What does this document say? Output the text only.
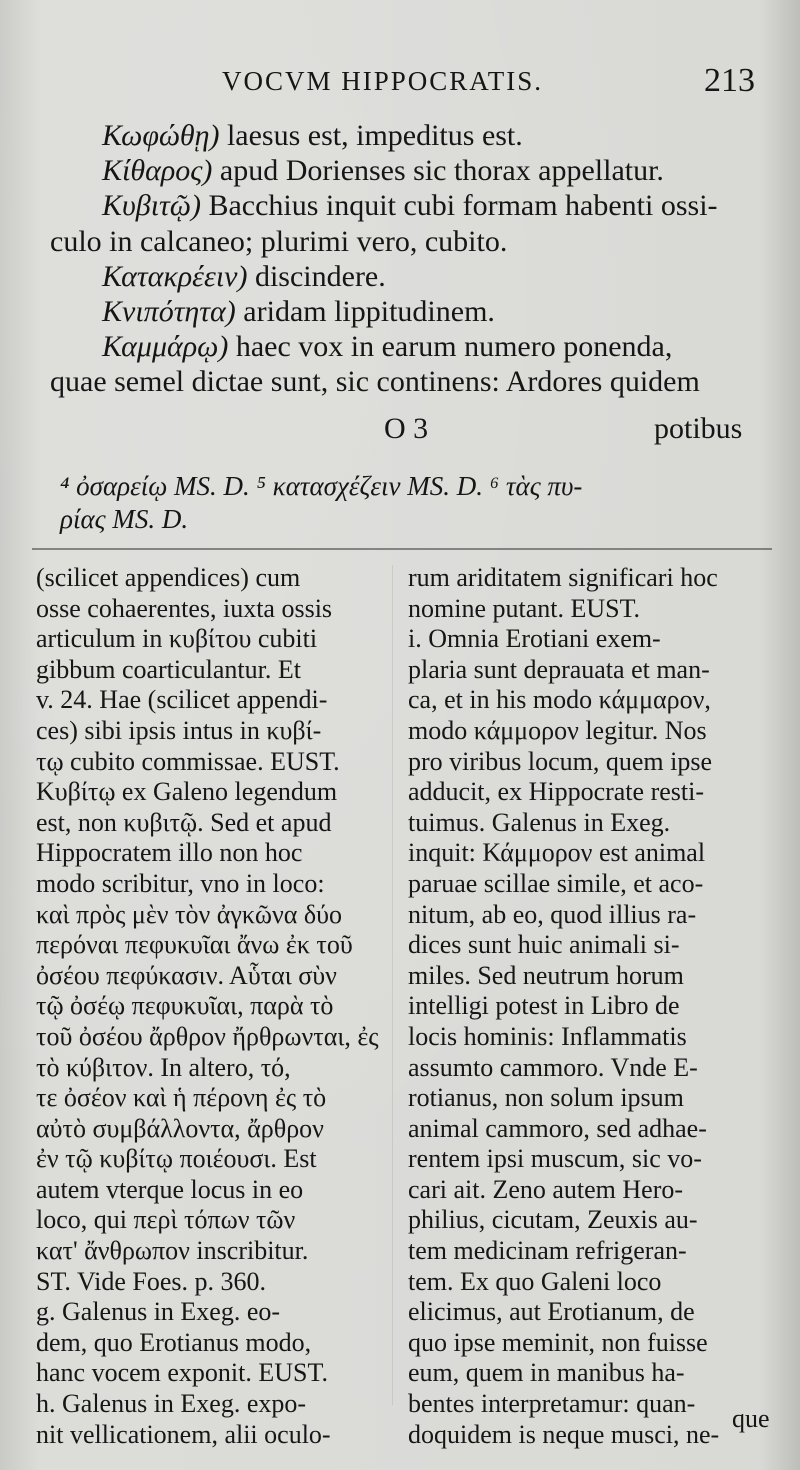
VOCVM HIPPOCRATIS.	213

Κωφώθῃ) laesus est, impeditus est.

Κίθαρος) apud Dorienses sic thorax appellatur.

Κυβιτῷ) Bacchius inquit cubi formam habenti ossi-

culo in calcaneo; plurimi vero, cubito.

Κατακρέειν) discindere.

Κνιπότητα) aridam lippitudinem.

Καμμάρῳ) haec vox in earum numero ponenda,

quae semel dictae sunt, sic continens: Ardores quidem

O 3	potibus

⁴ ὀσαρείῳ MS. D. ⁵ κατασχέζειν MS. D. ⁶ τὰς πυ-

ρίας MS. D.

(scilicet appendices) cum

osse cohaerentes, iuxta ossis

articulum in κυβίτου cubiti

gibbum coarticulantur. Et

v. 24. Hae (scilicet appendi-

ces) sibi ipsis intus in κυβί-

τῳ cubito commissae. EUST.

Κυβίτῳ ex Galeno legendum

est, non κυβιτῷ. Sed et apud

Hippocratem illo non hoc

modo scribitur, vno in loco:

καὶ πρὸς μὲν τὸν ἀγκῶνα δύο

περόναι πεφυκυῖαι ἄνω ἐκ τοῦ

ὀσέου πεφύκασιν. Αὗται σὺν

τῷ ὀσέῳ πεφυκυῖαι, παρὰ τὸ

τοῦ ὀσέου ἄρθρον ἤρθρωνται, ἐς

τὸ κύβιτον. In altero, τό,

τε ὀσέον καὶ ἡ πέρονη ἐς τὸ

αὐτὸ συμβάλλοντα, ἄρθρον

ἐν τῷ κυβίτῳ ποιέουσι. Est

autem vterque locus in eo

loco, qui περὶ τόπων τῶν

κατ' ἄνθρωπον inscribitur.

ST. Vide Foes. p. 360.

g. Galenus in Exeg. eo-

dem, quo Erotianus modo,

hanc vocem exponit. EUST.

h. Galenus in Exeg. expo-

nit vellicationem, alii oculo-

rum ariditatem significari hoc

nomine putant. EUST.

i. Omnia Erotiani exem-

plaria sunt deprauata et man-

ca, et in his modo κάμμαρον,

modo κάμμορον legitur. Nos

pro viribus locum, quem ipse

adducit, ex Hippocrate resti-

tuimus. Galenus in Exeg.

inquit: Κάμμορον est animal

paruae scillae simile, et aco-

nitum, ab eo, quod illius ra-

dices sunt huic animali si-

miles. Sed neutrum horum

intelligi potest in Libro de

locis hominis: Inflammatis

assumto cammoro. Vnde E-

rotianus, non solum ipsum

animal cammoro, sed adhae-

rentem ipsi muscum, sic vo-

cari ait. Zeno autem Hero-

philius, cicutam, Zeuxis au-

tem medicinam refrigeran-

tem. Ex quo Galeni loco

elicimus, aut Erotianum, de

quo ipse meminit, non fuisse

eum, quem in manibus ha-

bentes interpretamur: quan-

doquidem is neque musci, ne-

que
